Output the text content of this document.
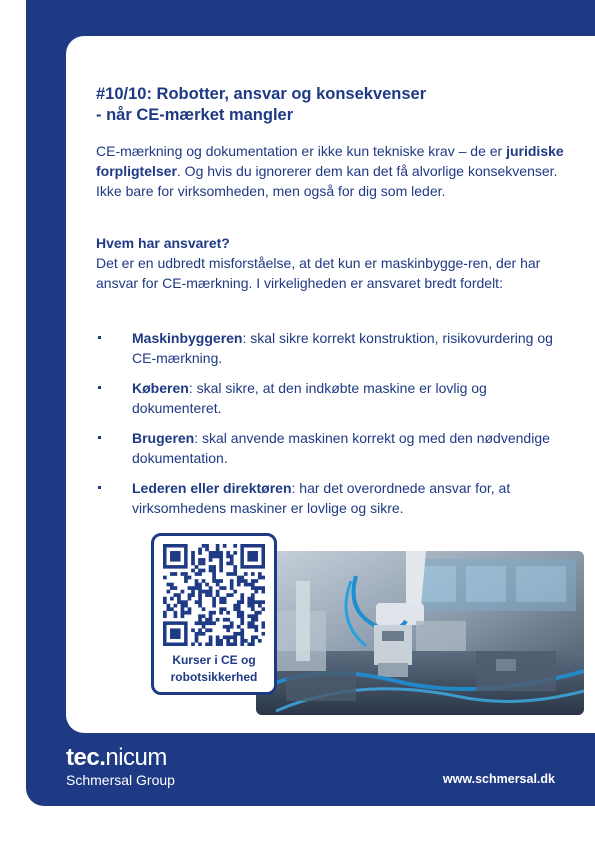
#10/10: Robotter, ansvar og konsekvenser
- når CE-mærket mangler

CE-mærkning og dokumentation er ikke kun tekniske krav – de er juridiske forpligtelser. Og hvis du ignorerer dem kan det få alvorlige konsekvenser. Ikke bare for virksomheden, men også for dig som leder.

Hvem har ansvaret?

Det er en udbredt misforståelse, at det kun er maskinbygge-ren, der har ansvar for CE-mærkning. I virkeligheden er ansvaret bredt fordelt:

Maskinbyggeren: skal sikre korrekt konstruktion, risikovurdering og CE-mærkning.
Køberen: skal sikre, at den indkøbte maskine er lovlig og dokumenteret.
Brugeren: skal anvende maskinen korrekt og med den nødvendige dokumentation.
Lederen eller direktøren: har det overordnede ansvar for, at virksomhedens maskiner er lovlige og sikre.
Kurser i CE og
robotsikkerhed
tec.nicum
Schmersal Group	www.schmersal.dk
